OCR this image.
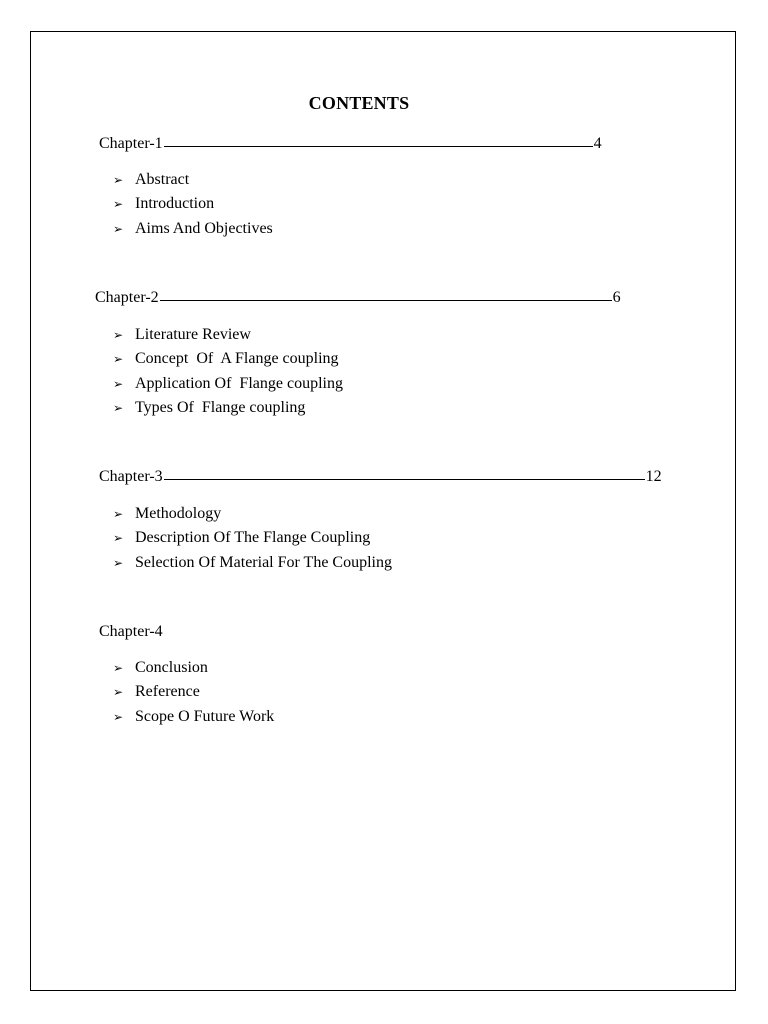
CONTENTS
Chapter-1	4
➢ Abstract
➢ Introduction
➢ Aims And Objectives
Chapter-2	6
➢ Literature Review
➢ Concept  Of  A Flange coupling
➢ Application Of  Flange coupling
➢ Types Of  Flange coupling
Chapter-3	12
➢ Methodology
➢ Description Of The Flange Coupling
➢ Selection Of Material For The Coupling
Chapter-4
➢ Conclusion
➢ Reference
➢ Scope O Future Work
